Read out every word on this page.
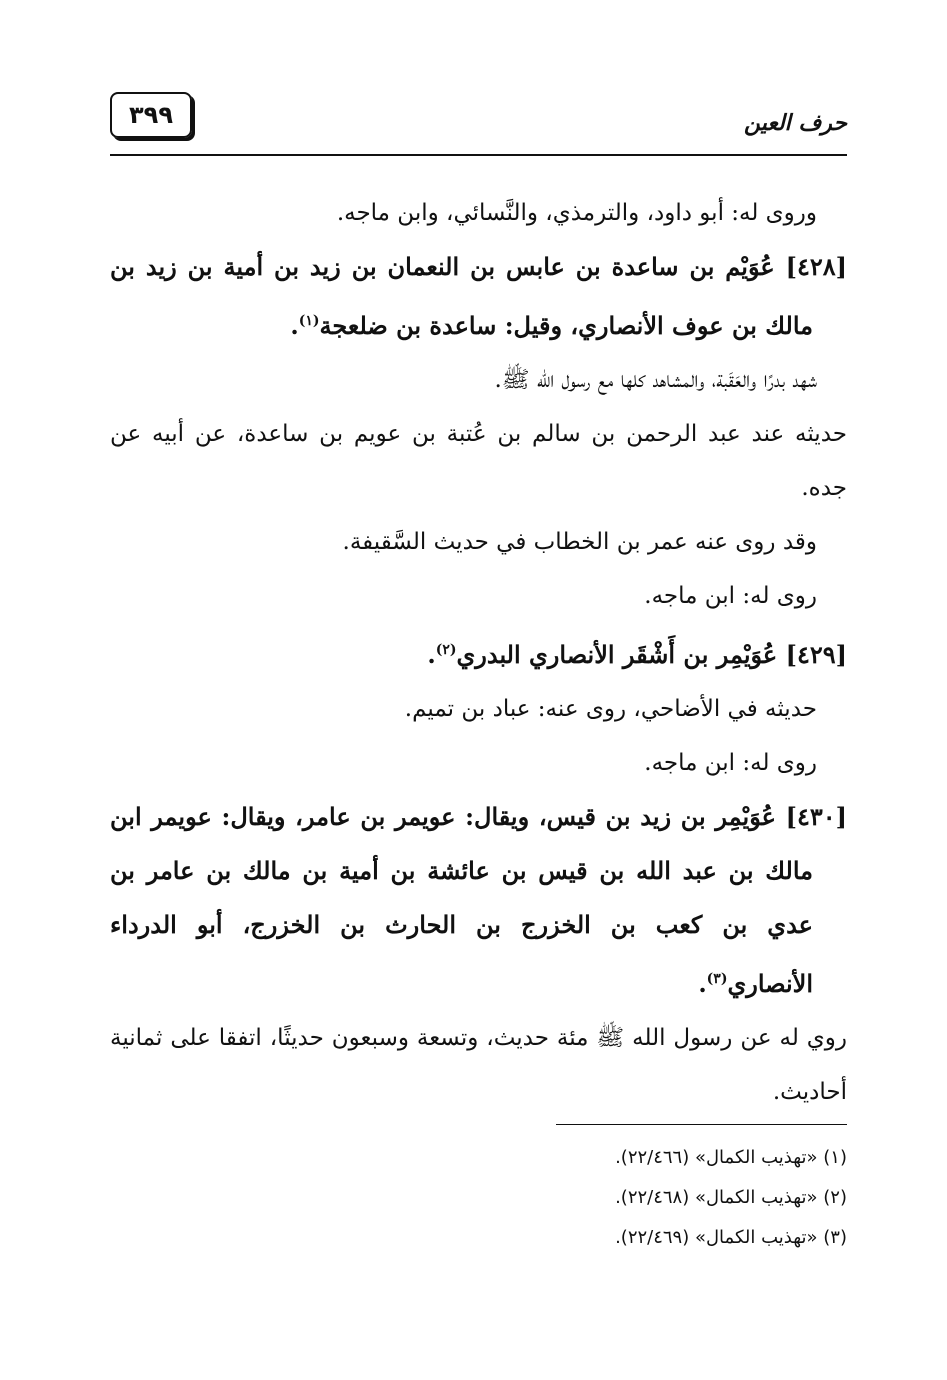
٣٩٩	حرف العين

وروى له: أبو داود، والترمذي، والنَّسائي، وابن ماجه.

[٤٢٨] عُوَيْم بن ساعدة بن عابس بن النعمان بن زيد بن أمية بن زيد بن مالك بن عوف الأنصاري، وقيل: ساعدة بن ضلعجة$^{(١)}$.

شهد بدرًا والعَقَبة، والمشاهد كلها مع رسول الله ﷺ.

حديثه عند عبد الرحمن بن سالم بن عُتبة بن عويم بن ساعدة، عن أبيه عن جده.

وقد روى عنه عمر بن الخطاب في حديث السَّقيفة.

روى له: ابن ماجه.

[٤٢٩] عُوَيْمِر بن أَشْقَر الأنصاري البدري$^{(٢)}$.

حديثه في الأضاحي، روى عنه: عباد بن تميم.

روى له: ابن ماجه.

[٤٣٠] عُوَيْمِر بن زيد بن قيس، ويقال: عويمر بن عامر، ويقال: عويمر ابن مالك بن عبد الله بن قيس بن عائشة بن أمية بن مالك بن عامر بن عدي بن كعب بن الخزرج بن الحارث بن الخزرج، أبو الدرداء الأنصاري$^{(٣)}$.

روي له عن رسول الله ﷺ مئة حديث، وتسعة وسبعون حديثًا، اتفقا على ثمانية أحاديث.

(١) «تهذيب الكمال» (٢٢/٤٦٦).
(٢) «تهذيب الكمال» (٢٢/٤٦٨).
(٣) «تهذيب الكمال» (٢٢/٤٦٩).
